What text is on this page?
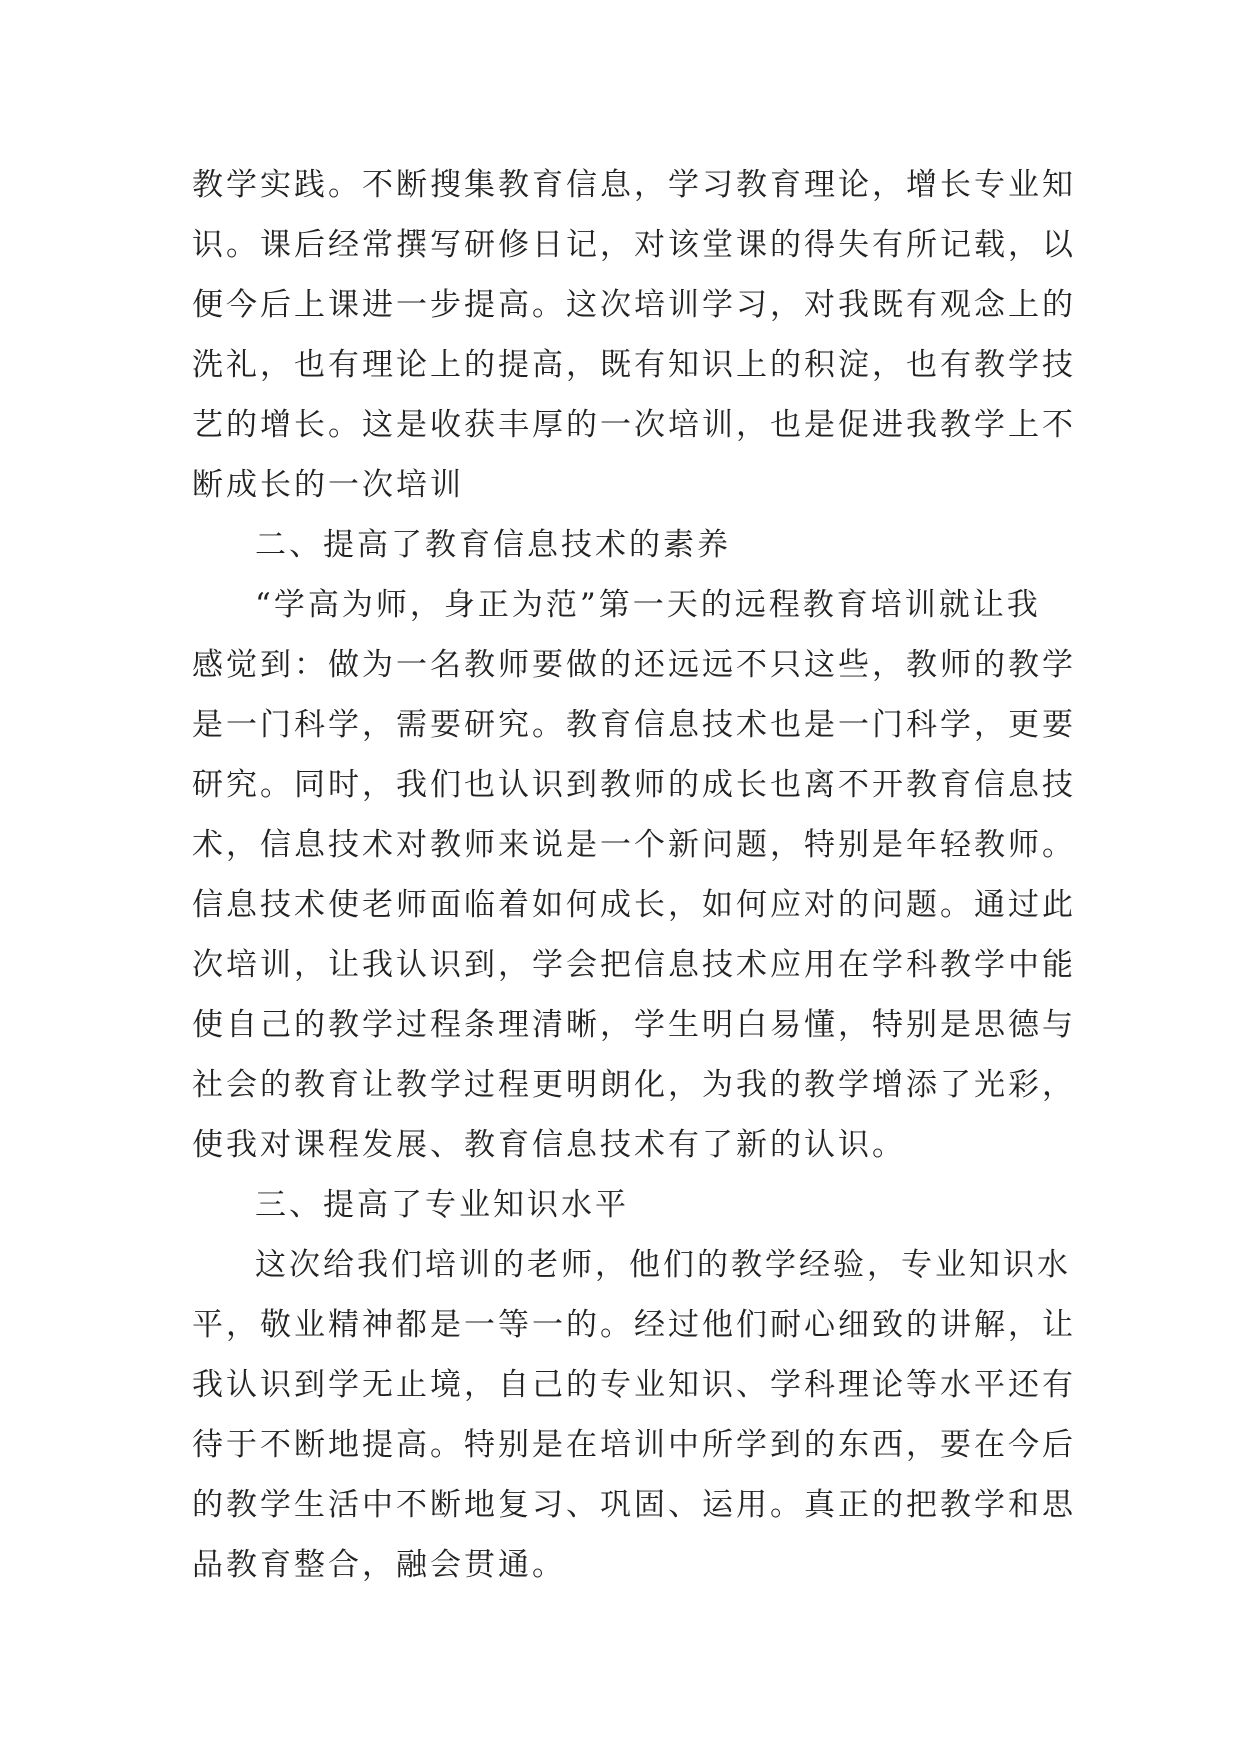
教学实践。不断搜集教育信息，学习教育理论，增长专业知
识。课后经常撰写研修日记，对该堂课的得失有所记载，以
便今后上课进一步提高。这次培训学习，对我既有观念上的
洗礼，也有理论上的提高，既有知识上的积淀，也有教学技
艺的增长。这是收获丰厚的一次培训，也是促进我教学上不
断成长的一次培训
二、提高了教育信息技术的素养
“学高为师，身正为范”第一天的远程教育培训就让我
感觉到：做为一名教师要做的还远远不只这些，教师的教学
是一门科学，需要研究。教育信息技术也是一门科学，更要
研究。同时，我们也认识到教师的成长也离不开教育信息技
术，信息技术对教师来说是一个新问题，特别是年轻教师。
信息技术使老师面临着如何成长，如何应对的问题。通过此
次培训，让我认识到，学会把信息技术应用在学科教学中能
使自己的教学过程条理清晰，学生明白易懂，特别是思德与
社会的教育让教学过程更明朗化，为我的教学增添了光彩，
使我对课程发展、教育信息技术有了新的认识。
三、提高了专业知识水平
这次给我们培训的老师，他们的教学经验，专业知识水
平，敬业精神都是一等一的。经过他们耐心细致的讲解，让
我认识到学无止境，自己的专业知识、学科理论等水平还有
待于不断地提高。特别是在培训中所学到的东西，要在今后
的教学生活中不断地复习、巩固、运用。真正的把教学和思
品教育整合，融会贯通。
